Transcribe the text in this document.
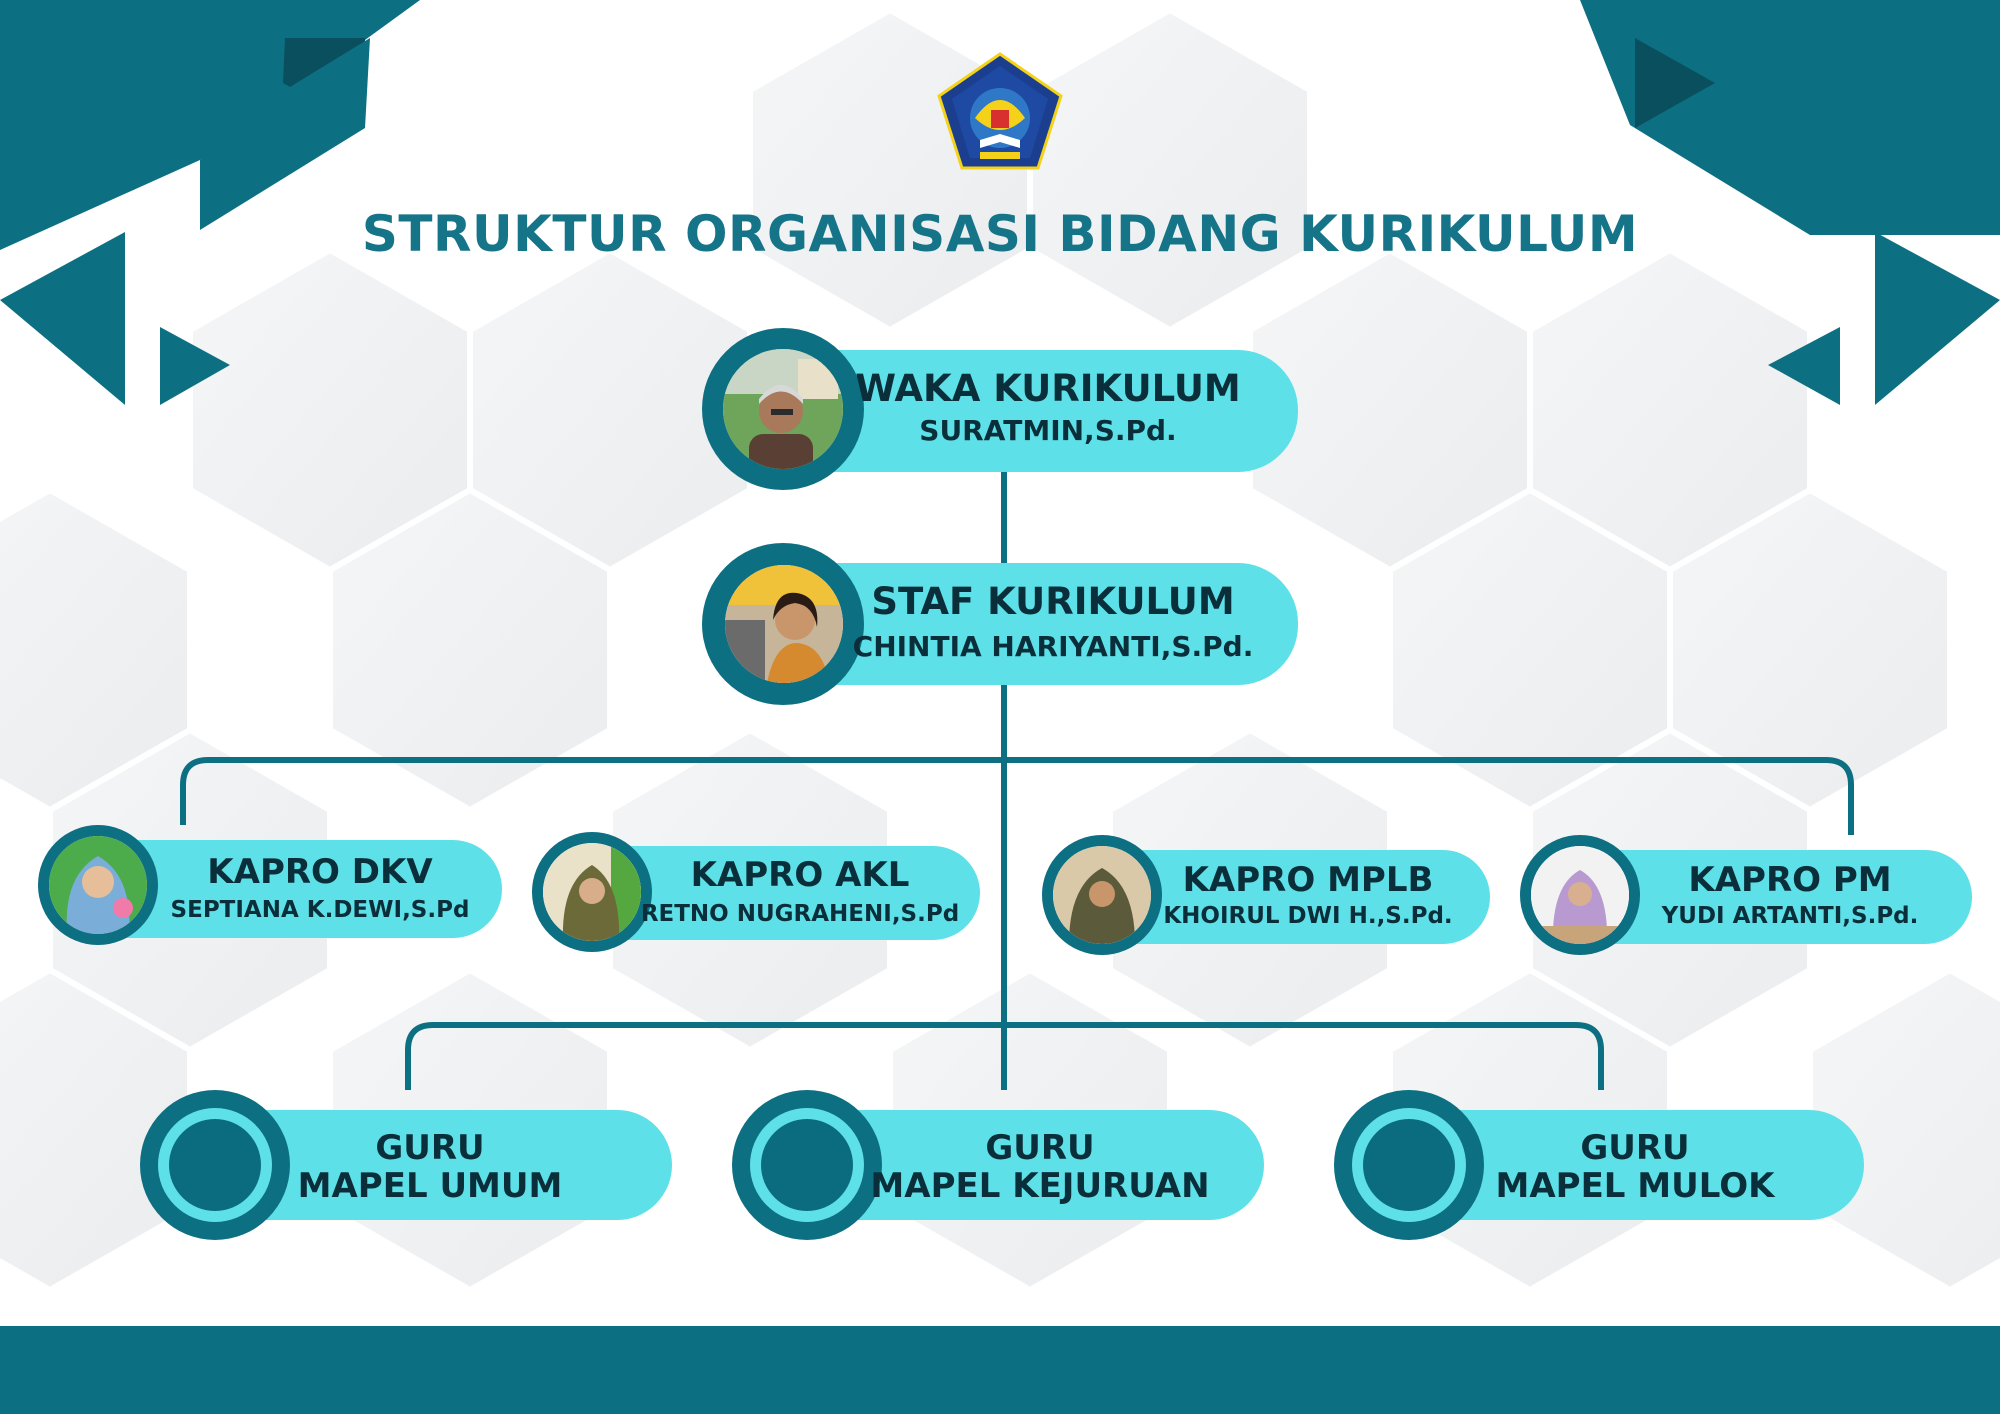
STRUKTUR ORGANISASI BIDANG KURIKULUM
WAKA KURIKULUM
SURATMIN,S.Pd.
STAF KURIKULUM
CHINTIA HARIYANTI,S.Pd.
KAPRO DKV
SEPTIANA K.DEWI,S.Pd
KAPRO AKL
RETNO NUGRAHENI,S.Pd
KAPRO MPLB
KHOIRUL DWI H.,S.Pd.
KAPRO PM
YUDI ARTANTI,S.Pd.
GURU
MAPEL UMUM
GURU
MAPEL KEJURUAN
GURU
MAPEL MULOK
